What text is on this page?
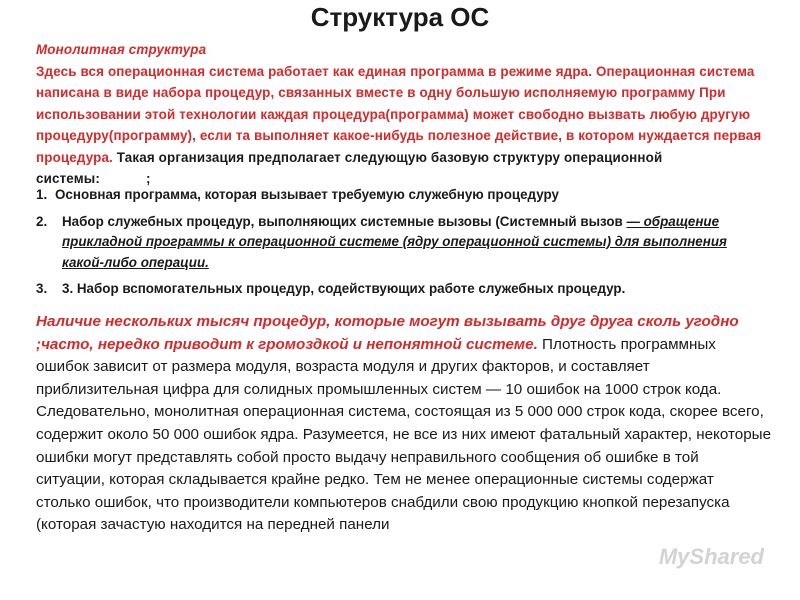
Структура ОС
Монолитная структура
Здесь вся операционная система работает как единая программа в режиме ядра. Операционная система написана в виде набора процедур, связанных вместе в одну большую исполняемую программу При использовании этой технологии каждая процедура(программа) может свободно вызвать любую другую процедуру(программу), если та выполняет какое-нибудь полезное действие, в котором нуждается первая процедура. Такая организация предполагает следующую базовую структуру операционной системы:	;
1. Основная программа, которая вызывает требуемую служебную процедуру
2. Набор служебных процедур, выполняющих системные вызовы (Системный вызов — обращение прикладной программы к операционной системе (ядру операционной системы) для выполнения какой-либо операции.
3. 3. Набор вспомогательных процедур, содействующих работе служебных процедур.
Наличие нескольких тысяч процедур, которые могут вызывать друг друга сколь угодно ;часто, нередко приводит к громоздкой и непонятной системе. Плотность программных ошибок зависит от размера модуля, возраста модуля и других факторов, и составляет приблизительная цифра для солидных промышленных систем — 10 ошибок на 1000 строк кода. Следовательно, монолитная операционная система, состоящая из 5 000 000 строк кода, скорее всего, содержит около 50 000 ошибок ядра. Разумеется, не все из них имеют фатальный характер, некоторые ошибки могут представлять собой просто выдачу неправильного сообщения об ошибке в той ситуации, которая складывается крайне редко. Тем не менее операционные системы содержат столько ошибок, что производители компьютеров снабдили свою продукцию кнопкой перезапуска (которая зачастую находится на передней панели
MyShared
